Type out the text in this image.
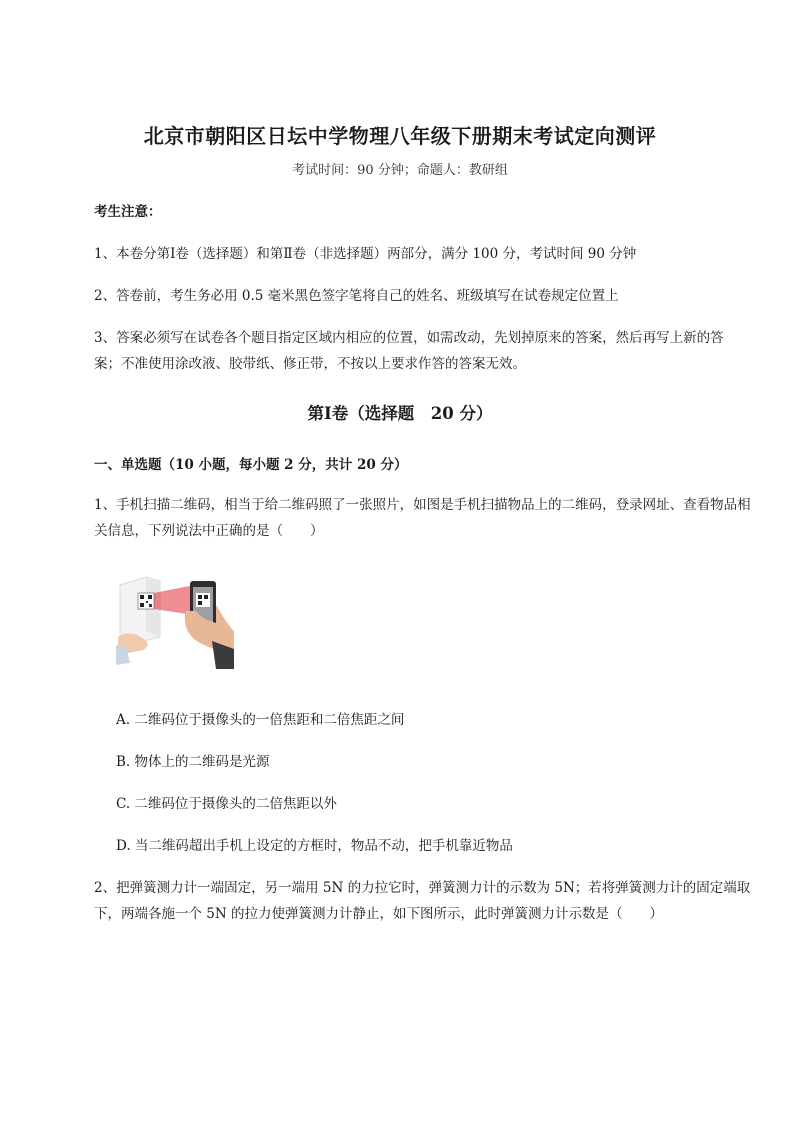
北京市朝阳区日坛中学物理八年级下册期末考试定向测评
考试时间：90 分钟；命题人：教研组
考生注意：
1、本卷分第Ⅰ卷（选择题）和第Ⅱ卷（非选择题）两部分，满分 100 分，考试时间 90 分钟
2、答卷前，考生务必用 0.5 毫米黑色签字笔将自己的姓名、班级填写在试卷规定位置上
3、答案必须写在试卷各个题目指定区域内相应的位置，如需改动，先划掉原来的答案，然后再写上新的答案；不准使用涂改液、胶带纸、修正带，不按以上要求作答的答案无效。
第Ⅰ卷（选择题　20 分）
一、单选题（10 小题，每小题 2 分，共计 20 分）
1、手机扫描二维码，相当于给二维码照了一张照片，如图是手机扫描物品上的二维码，登录网址、查看物品相关信息，下列说法中正确的是（　　）
A. 二维码位于摄像头的一倍焦距和二倍焦距之间
B. 物体上的二维码是光源
C. 二维码位于摄像头的二倍焦距以外
D. 当二维码超出手机上设定的方框时，物品不动，把手机靠近物品
2、把弹簧测力计一端固定，另一端用 5N 的力拉它时，弹簧测力计的示数为 5N；若将弹簧测力计的固定端取下，两端各施一个 5N 的拉力使弹簧测力计静止，如下图所示，此时弹簧测力计示数是（　　）
